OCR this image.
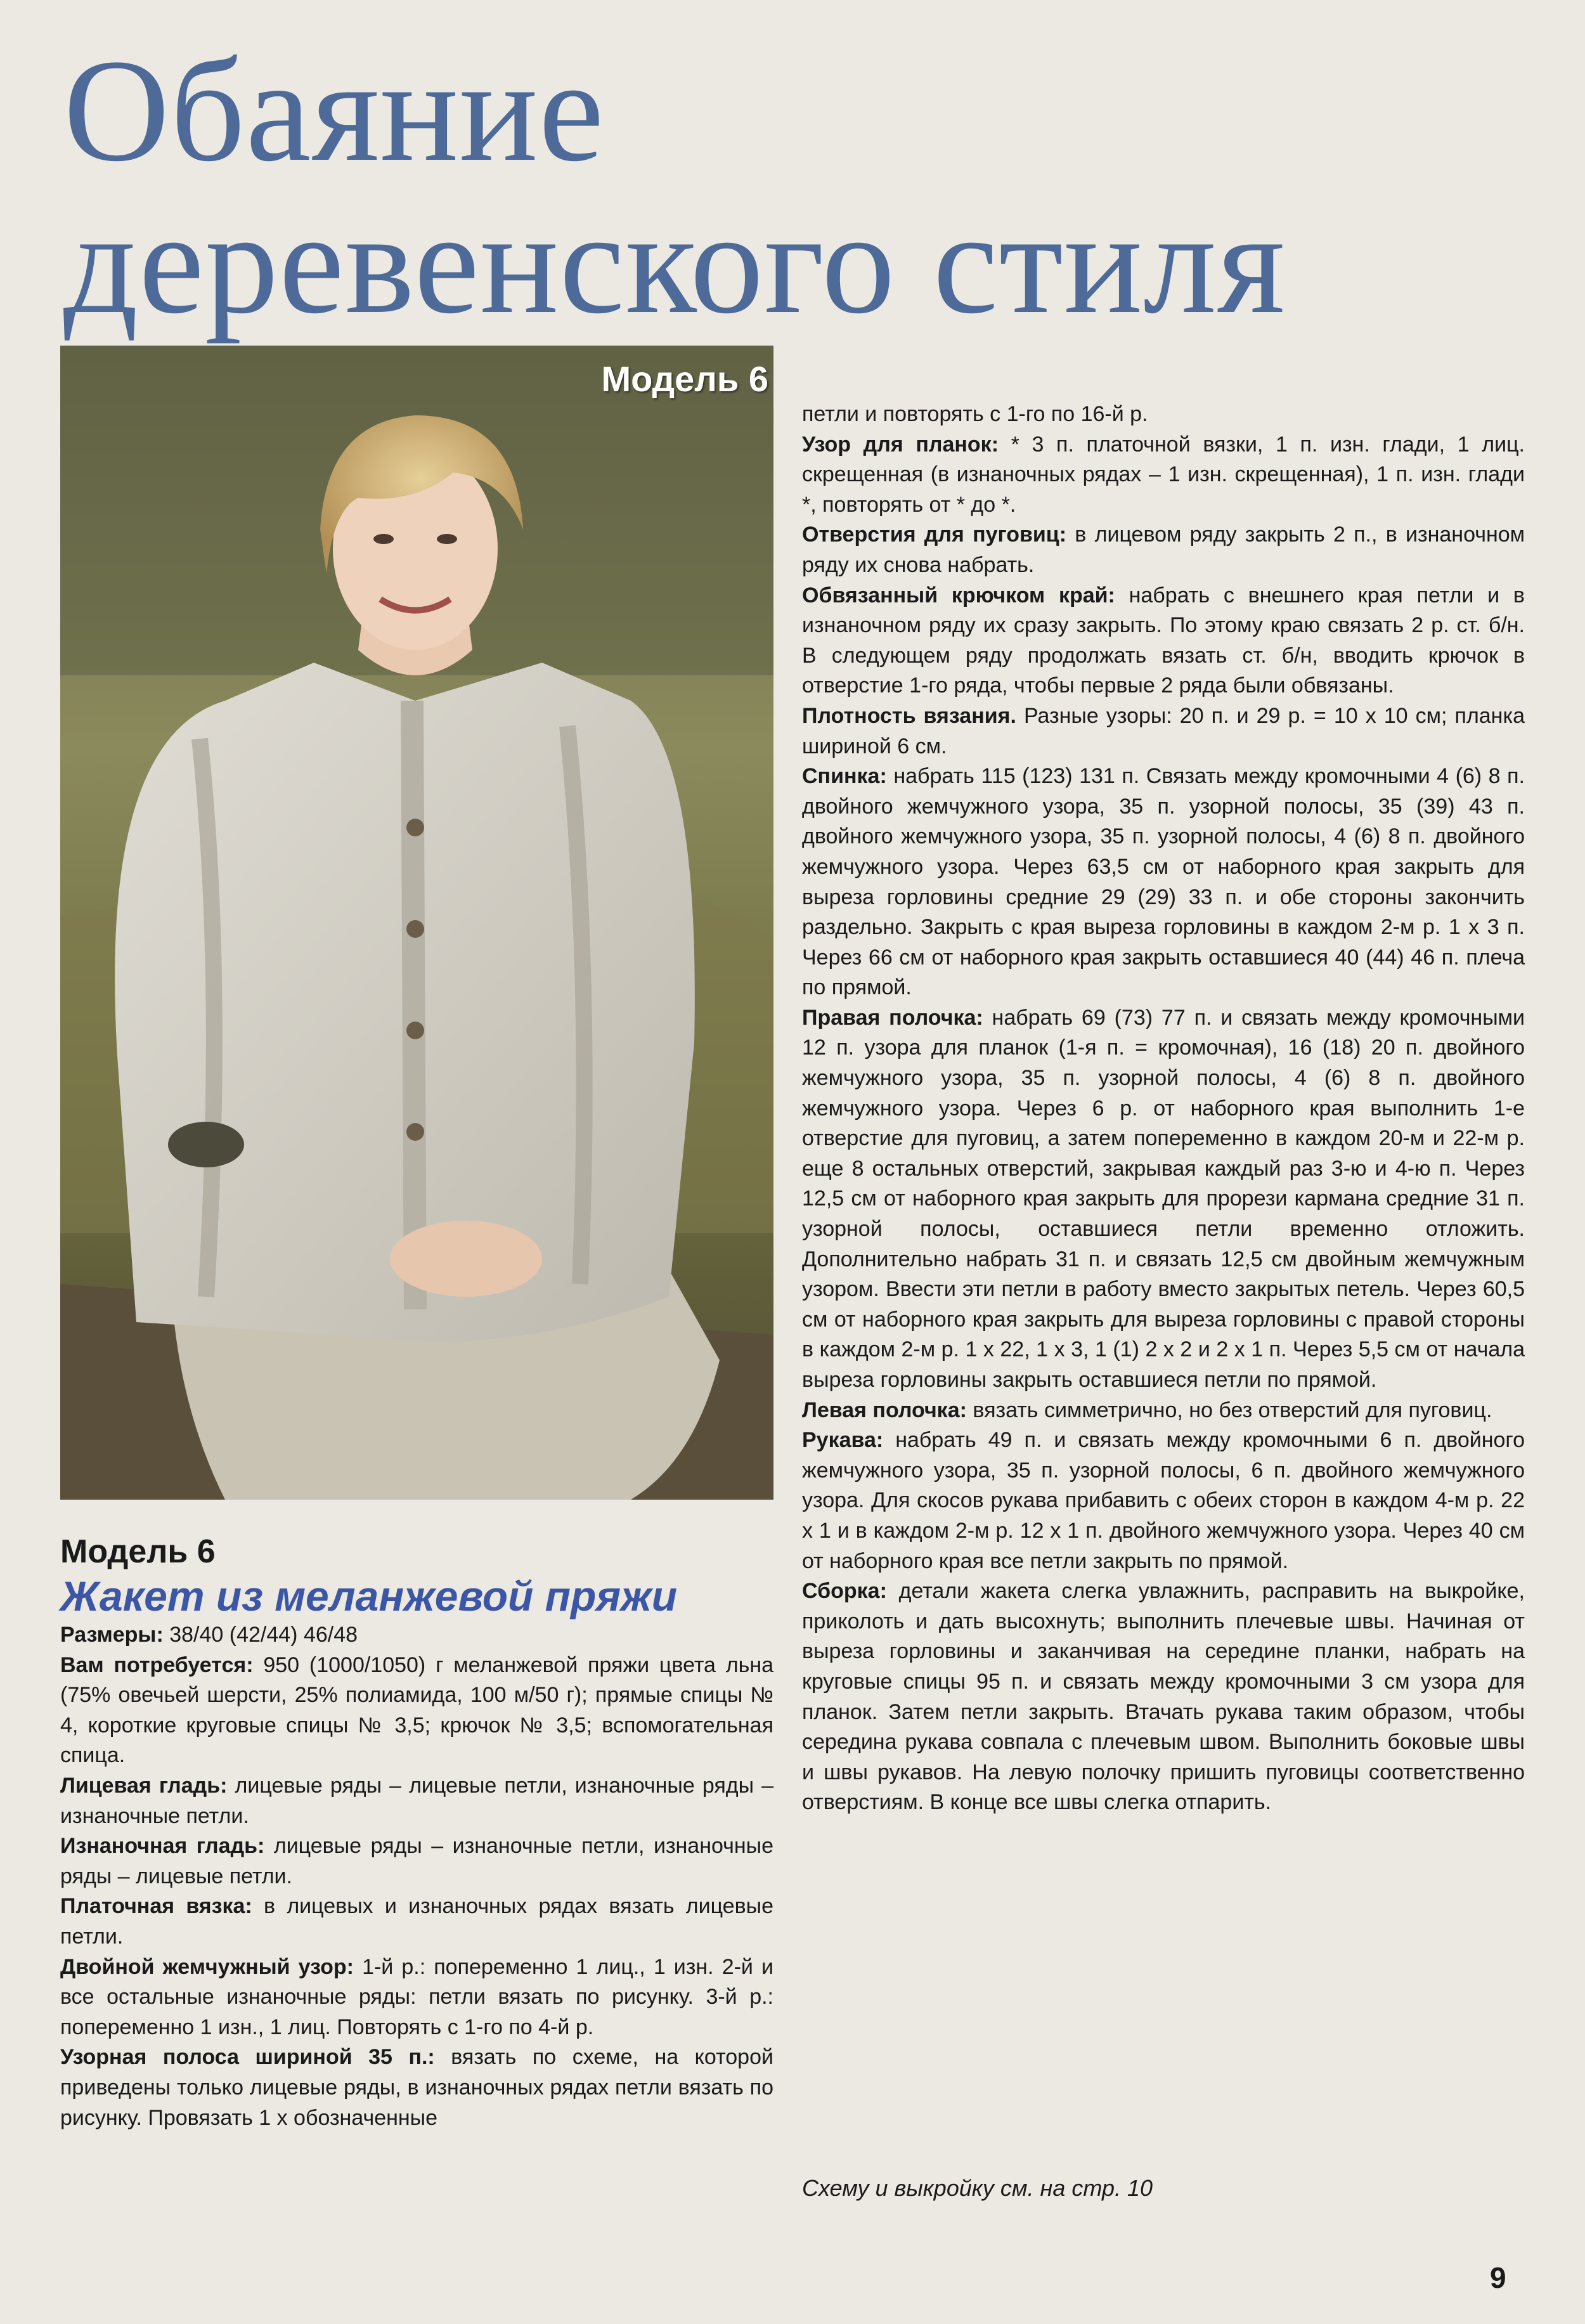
Обаяние
деревенского стиля
Модель 6

Модель 6

Жакет из меланжевой пряжи

Размеры: 38/40 (42/44) 46/48

Вам потребуется: 950 (1000/1050) г меланжевой пряжи цвета льна (75% овечьей шерсти, 25% полиамида, 100 м/50 г); прямые спицы № 4, короткие круговые спицы № 3,5; крючок № 3,5; вспомогательная спица.

Лицевая гладь: лицевые ряды – лицевые петли, изнаночные ряды – изнаночные петли.

Изнаночная гладь: лицевые ряды – изнаночные петли, изнаночные ряды – лицевые петли.

Платочная вязка: в лицевых и изнаночных рядах вязать лицевые петли.

Двойной жемчужный узор: 1-й р.: попеременно 1 лиц., 1 изн. 2-й и все остальные изнаночные ряды: петли вязать по рисунку. 3-й р.: попеременно 1 изн., 1 лиц. Повторять с 1-го по 4-й р.

Узорная полоса шириной 35 п.: вязать по схеме, на которой приведены только лицевые ряды, в изнаночных рядах петли вязать по рисунку. Провязать 1 х обозначенные

петли и повторять с 1-го по 16-й р.

Узор для планок: * 3 п. платочной вязки, 1 п. изн. глади, 1 лиц. скрещенная (в изнаночных рядах – 1 изн. скрещенная), 1 п. изн. глади *, повторять от * до *.

Отверстия для пуговиц: в лицевом ряду закрыть 2 п., в изнаночном ряду их снова набрать.

Обвязанный крючком край: набрать с внешнего края петли и в изнаночном ряду их сразу закрыть. По этому краю связать 2 р. ст. б/н. В следующем ряду продолжать вязать ст. б/н, вводить крючок в отверстие 1-го ряда, чтобы первые 2 ряда были обвязаны.

Плотность вязания. Разные узоры: 20 п. и 29 р. = 10 х 10 см; планка шириной 6 см.

Спинка: набрать 115 (123) 131 п. Связать между кромочными 4 (6) 8 п. двойного жемчужного узора, 35 п. узорной полосы, 35 (39) 43 п. двойного жемчужного узора, 35 п. узорной полосы, 4 (6) 8 п. двойного жемчужного узора. Через 63,5 см от наборного края закрыть для выреза горловины средние 29 (29) 33 п. и обе стороны закончить раздельно. Закрыть с края выреза горловины в каждом 2-м р. 1 х 3 п. Через 66 см от наборного края закрыть оставшиеся 40 (44) 46 п. плеча по прямой.

Правая полочка: набрать 69 (73) 77 п. и связать между кромочными 12 п. узора для планок (1-я п. = кромочная), 16 (18) 20 п. двойного жемчужного узора, 35 п. узорной полосы, 4 (6) 8 п. двойного жемчужного узора. Через 6 р. от наборного края выполнить 1-е отверстие для пуговиц, а затем попеременно в каждом 20-м и 22-м р. еще 8 остальных отверстий, закрывая каждый раз 3-ю и 4-ю п. Через 12,5 см от наборного края закрыть для прорези кармана средние 31 п. узорной полосы, оставшиеся петли временно отложить. Дополнительно набрать 31 п. и связать 12,5 см двойным жемчужным узором. Ввести эти петли в работу вместо закрытых петель. Через 60,5 см от наборного края закрыть для выреза горловины с правой стороны в каждом 2-м р. 1 х 22, 1 х 3, 1 (1) 2 х 2 и 2 х 1 п. Через 5,5 см от начала выреза горловины закрыть оставшиеся петли по прямой.

Левая полочка: вязать симметрично, но без отверстий для пуговиц.

Рукава: набрать 49 п. и связать между кромочными 6 п. двойного жемчужного узора, 35 п. узорной полосы, 6 п. двойного жемчужного узора. Для скосов рукава прибавить с обеих сторон в каждом 4-м р. 22 х 1 и в каждом 2-м р. 12 х 1 п. двойного жемчужного узора. Через 40 см от наборного края все петли закрыть по прямой.

Сборка: детали жакета слегка увлажнить, расправить на выкройке, приколоть и дать высохнуть; выполнить плечевые швы. Начиная от выреза горловины и заканчивая на середине планки, набрать на круговые спицы 95 п. и связать между кромочными 3 см узора для планок. Затем петли закрыть. Втачать рукава таким образом, чтобы середина рукава совпала с плечевым швом. Выполнить боковые швы и швы рукавов. На левую полочку пришить пуговицы соответственно отверстиям. В конце все швы слегка отпарить.

Схему и выкройку см. на стр. 10
9
